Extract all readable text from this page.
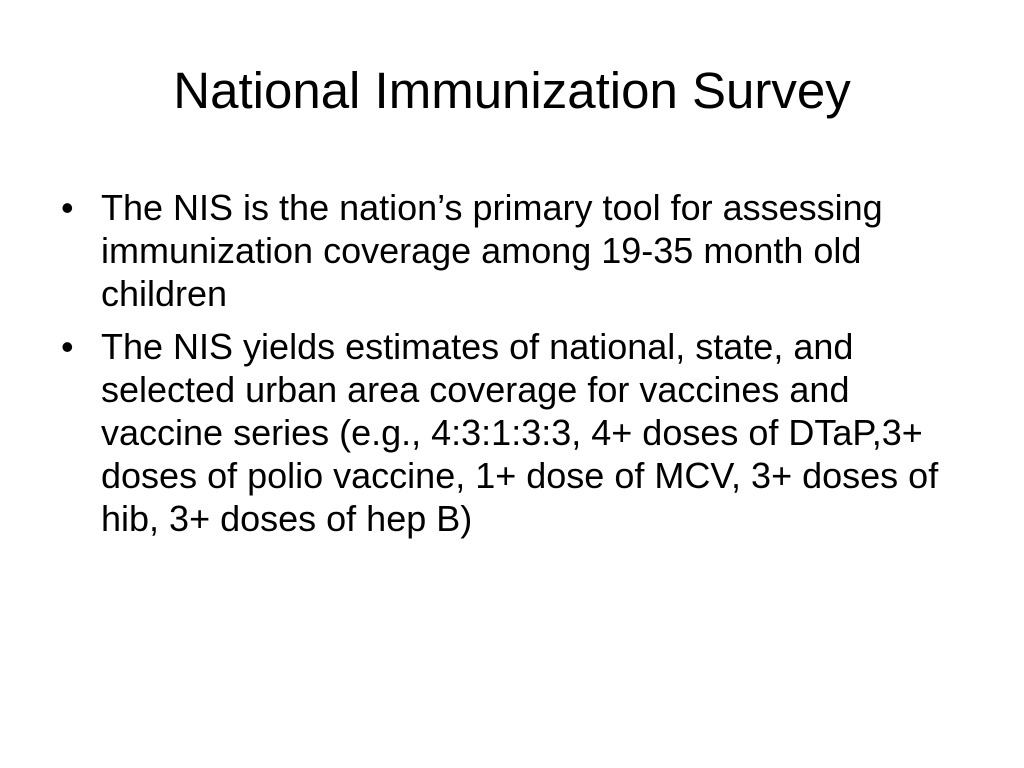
National Immunization Survey
• The NIS is the nation’s primary tool for assessing immunization coverage among 19-35 month old children
• The NIS yields estimates of national, state, and selected urban area coverage for vaccines and vaccine series (e.g., 4:3:1:3:3, 4+ doses of DTaP,3+ doses of polio vaccine, 1+ dose of MCV, 3+ doses of hib, 3+ doses of hep B)
